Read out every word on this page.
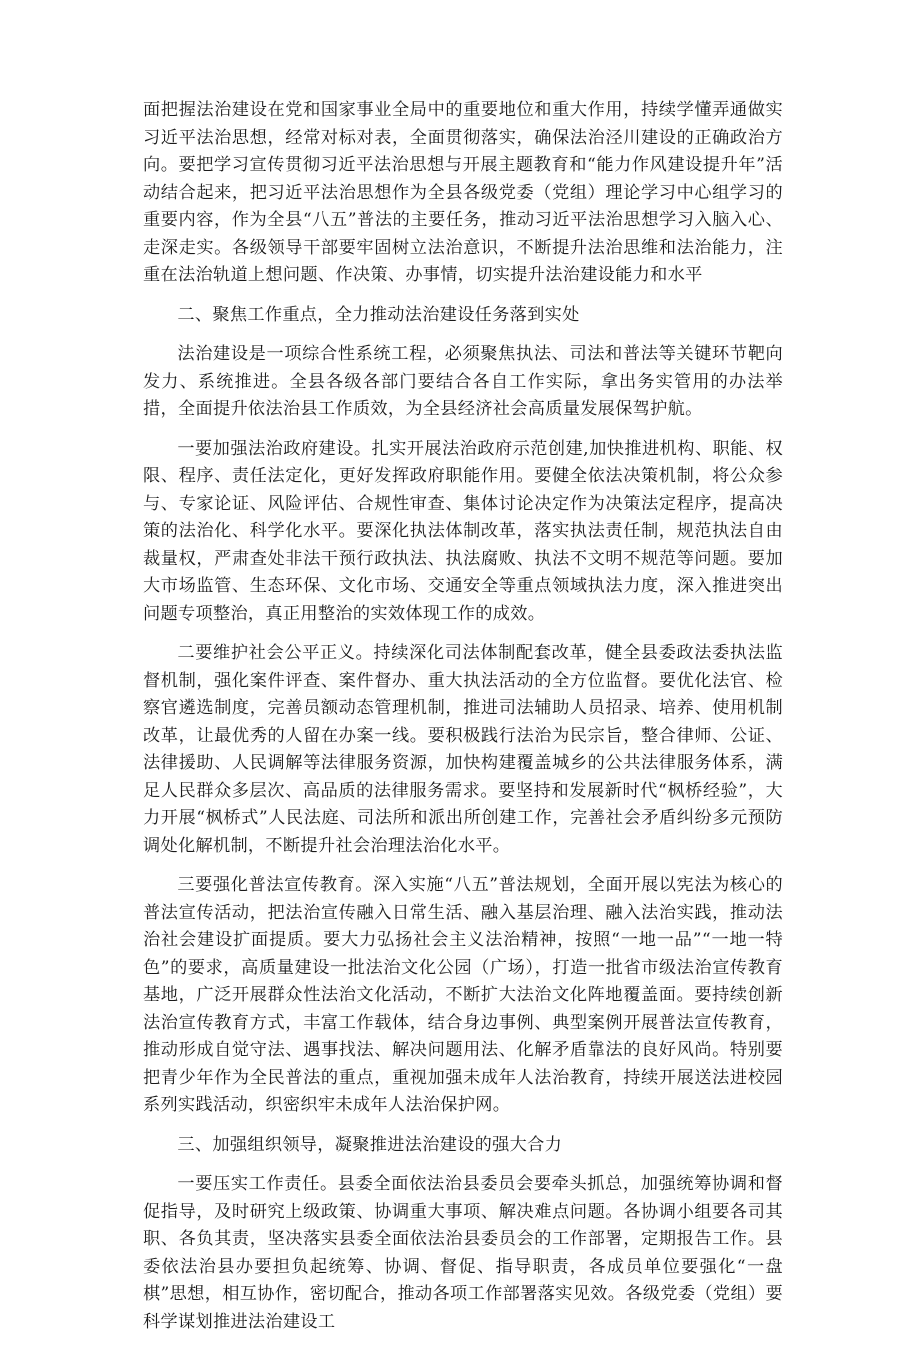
面把握法治建设在党和国家事业全局中的重要地位和重大作用，持续学懂弄通做实习近平法治思想，经常对标对表，全面贯彻落实，确保法治泾川建设的正确政治方向。要把学习宣传贯彻习近平法治思想与开展主题教育和“能力作风建设提升年”活动结合起来，把习近平法治思想作为全县各级党委（党组）理论学习中心组学习的重要内容，作为全县“八五”普法的主要任务，推动习近平法治思想学习入脑入心、走深走实。各级领导干部要牢固树立法治意识，不断提升法治思维和法治能力，注重在法治轨道上想问题、作决策、办事情，切实提升法治建设能力和水平

二、聚焦工作重点，全力推动法治建设任务落到实处

法治建设是一项综合性系统工程，必须聚焦执法、司法和普法等关键环节靶向发力、系统推进。全县各级各部门要结合各自工作实际，拿出务实管用的办法举措，全面提升依法治县工作质效，为全县经济社会高质量发展保驾护航。

一要加强法治政府建设。扎实开展法治政府示范创建,加快推进机构、职能、权限、程序、责任法定化，更好发挥政府职能作用。要健全依法决策机制，将公众参与、专家论证、风险评估、合规性审查、集体讨论决定作为决策法定程序，提高决策的法治化、科学化水平。要深化执法体制改革，落实执法责任制，规范执法自由裁量权，严肃查处非法干预行政执法、执法腐败、执法不文明不规范等问题。要加大市场监管、生态环保、文化市场、交通安全等重点领域执法力度，深入推进突出问题专项整治，真正用整治的实效体现工作的成效。

二要维护社会公平正义。持续深化司法体制配套改革，健全县委政法委执法监督机制，强化案件评查、案件督办、重大执法活动的全方位监督。要优化法官、检察官遴选制度，完善员额动态管理机制，推进司法辅助人员招录、培养、使用机制改革，让最优秀的人留在办案一线。要积极践行法治为民宗旨，整合律师、公证、法律援助、人民调解等法律服务资源，加快构建覆盖城乡的公共法律服务体系，满足人民群众多层次、高品质的法律服务需求。要坚持和发展新时代“枫桥经验”，大力开展“枫桥式”人民法庭、司法所和派出所创建工作，完善社会矛盾纠纷多元预防调处化解机制，不断提升社会治理法治化水平。

三要强化普法宣传教育。深入实施“八五”普法规划，全面开展以宪法为核心的普法宣传活动，把法治宣传融入日常生活、融入基层治理、融入法治实践，推动法治社会建设扩面提质。要大力弘扬社会主义法治精神，按照“一地一品”“一地一特色”的要求，高质量建设一批法治文化公园（广场），打造一批省市级法治宣传教育基地，广泛开展群众性法治文化活动，不断扩大法治文化阵地覆盖面。要持续创新法治宣传教育方式，丰富工作载体，结合身边事例、典型案例开展普法宣传教育，推动形成自觉守法、遇事找法、解决问题用法、化解矛盾靠法的良好风尚。特别要把青少年作为全民普法的重点，重视加强未成年人法治教育，持续开展送法进校园系列实践活动，织密织牢未成年人法治保护网。

三、加强组织领导，凝聚推进法治建设的强大合力

一要压实工作责任。县委全面依法治县委员会要牵头抓总，加强统筹协调和督促指导，及时研究上级政策、协调重大事项、解决难点问题。各协调小组要各司其职、各负其责，坚决落实县委全面依法治县委员会的工作部署，定期报告工作。县委依法治县办要担负起统筹、协调、督促、指导职责，各成员单位要强化“一盘棋”思想，相互协作，密切配合，推动各项工作部署落实见效。各级党委（党组）要科学谋划推进法治建设工
